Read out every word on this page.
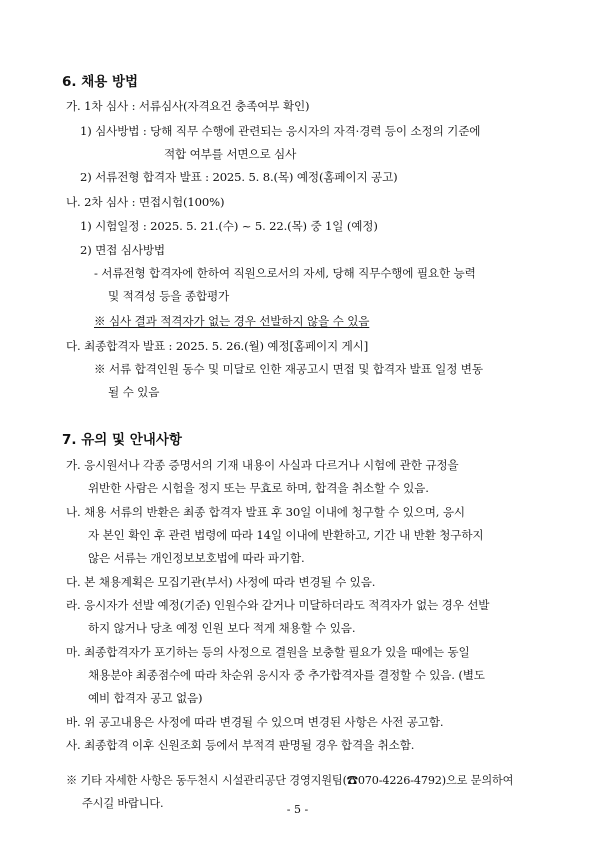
6. 채용 방법
가. 1차 심사 : 서류심사(자격요건 충족여부 확인)
1) 심사방법 : 당해 직무 수행에 관련되는 응시자의 자격·경력 등이 소정의 기준에
적합 여부를 서면으로 심사
2) 서류전형 합격자 발표 : 2025. 5. 8.(목) 예정(홈페이지 공고)
나. 2차 심사 : 면접시험(100%)
1) 시험일정 : 2025. 5. 21.(수) ~ 5. 22.(목) 중 1일 (예정)
2) 면접 심사방법
- 서류전형 합격자에 한하여 직원으로서의 자세, 당해 직무수행에 필요한 능력
및 적격성 등을 종합평가
※ 심사 결과 적격자가 없는 경우 선발하지 않을 수 있음
다. 최종합격자 발표 : 2025. 5. 26.(월) 예정[홈페이지 게시]
※ 서류 합격인원 동수 및 미달로 인한 재공고시 면접 및 합격자 발표 일정 변동
될 수 있음
7. 유의 및 안내사항
가. 응시원서나 각종 증명서의 기재 내용이 사실과 다르거나 시험에 관한 규정을
위반한 사람은 시험을 정지 또는 무효로 하며, 합격을 취소할 수 있음.
나. 채용 서류의 반환은 최종 합격자 발표 후 30일 이내에 청구할 수 있으며, 응시
자 본인 확인 후 관련 법령에 따라 14일 이내에 반환하고, 기간 내 반환 청구하지
않은 서류는 개인정보보호법에 따라 파기함.
다. 본 채용계획은 모집기관(부서) 사정에 따라 변경될 수 있음.
라. 응시자가 선발 예정(기준) 인원수와 같거나 미달하더라도 적격자가 없는 경우 선발
하지 않거나 당초 예정 인원 보다 적게 채용할 수 있음.
마. 최종합격자가 포기하는 등의 사정으로 결원을 보충할 필요가 있을 때에는 동일
채용분야 최종점수에 따라 차순위 응시자 중 추가합격자를 결정할 수 있음. (별도
예비 합격자 공고 없음)
바. 위 공고내용은 사정에 따라 변경될 수 있으며 변경된 사항은 사전 공고함.
사. 최종합격 이후 신원조회 등에서 부적격 판명될 경우 합격을 취소함.
※ 기타 자세한 사항은 동두천시 시설관리공단 경영지원팀(☎070-4226-4792)으로 문의하여
주시길 바랍니다.	- 5 -
